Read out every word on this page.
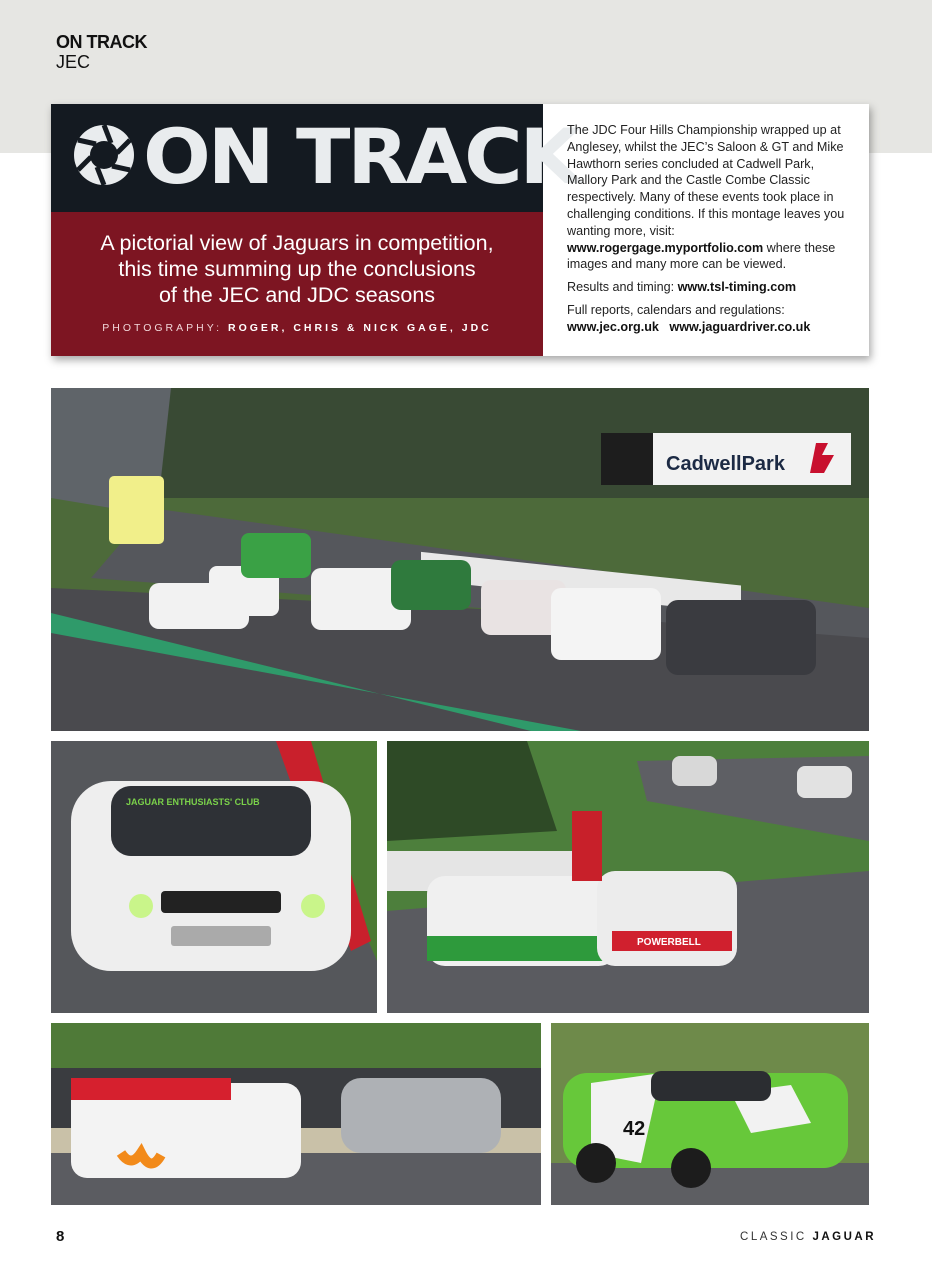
ON TRACK
JEC
ON TRACK
A pictorial view of Jaguars in competition,
this time summing up the conclusions
of the JEC and JDC seasons
PHOTOGRAPHY: ROGER, CHRIS & NICK GAGE, JDC

The JDC Four Hills Championship wrapped up at Anglesey, whilst the JEC’s Saloon & GT and Mike Hawthorn series concluded at Cadwell Park, Mallory Park and the Castle Combe Classic respectively. Many of these events took place in challenging conditions. If this montage leaves you wanting more, visit: www.rogergage.myportfolio.com where these images and many more can be viewed.

Results and timing: www.tsl-timing.com

Full reports, calendars and regulations:
www.jec.org.uk www.jaguardriver.co.uk

CadwellPark
JAGUAR ENTHUSIASTS' CLUB
POWERBELL
42
8	CLASSIC JAGUAR
